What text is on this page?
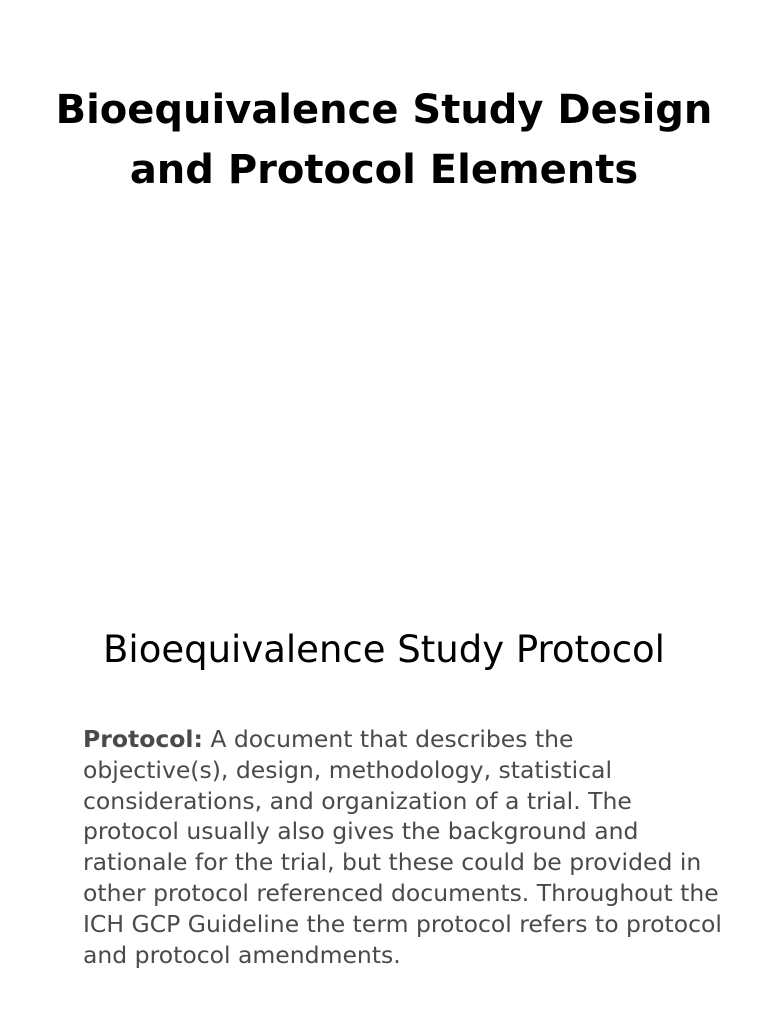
Bioequivalence Study Design
and Protocol Elements
Bioequivalence Study Protocol

Protocol: A document that describes the objective(s), design, methodology, statistical considerations, and organization of a trial. The protocol usually also gives the background and rationale for the trial, but these could be provided in other protocol referenced documents. Throughout the ICH GCP Guideline the term protocol refers to protocol and protocol amendments.
